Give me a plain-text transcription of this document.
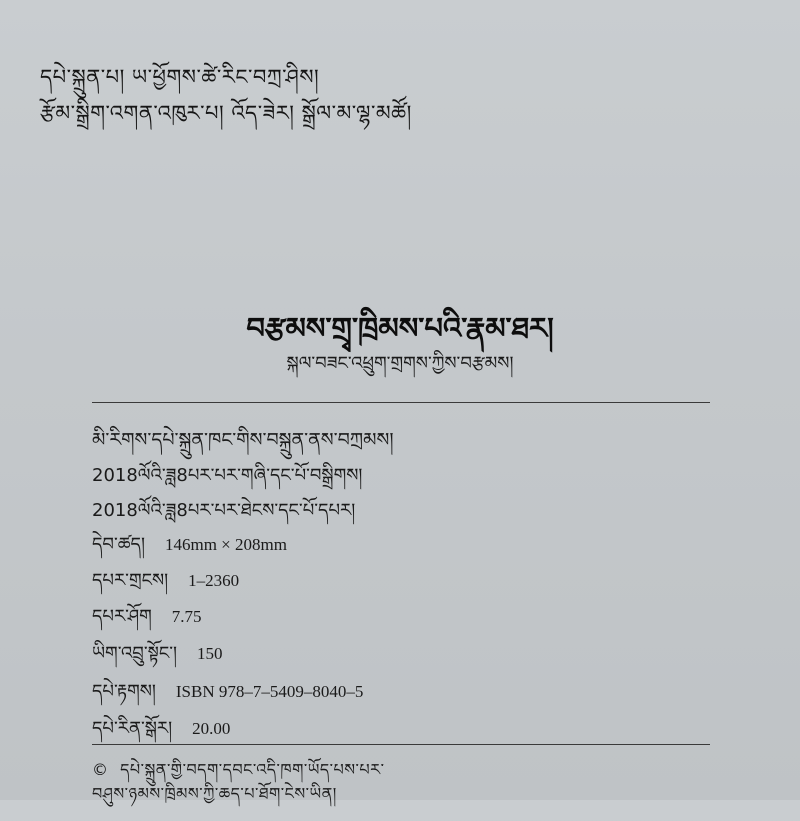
དཔེ་སྐྲུན་པ། ཡ་ཕྱོགས་ཚེ་རིང་བཀྲ་ཤིས།
རྩོམ་སྒྲིག་འགན་འཁུར་པ། འོད་ཟེར། སྒྲོལ་མ་ལྷ་མཚོ།
བརྩམས་གྲྭ་ཁྲིམས་པའི་རྣམ་ཐར།
སྐལ་བཟང་འཕྲུག་གྲགས་ཀྱིས་བརྩམས།
མི་རིགས་དཔེ་སྐྲུན་ཁང་གིས་བསྐྲུན་ནས་བཀྲམས།
2018ལོའི་ཟླ8པར་པར་གཞི་དང་པོ་བསྒྲིགས།
2018ལོའི་ཟླ8པར་པར་ཐེངས་དང་པོ་དཔར།
དེབ་ཚད། 146mm × 208mm
དཔར་གྲངས། 1–2360
དཔར་ཤོག 7.75
ཡིག་འབྲུ་སྟོང་། 150
དཔེ་རྟགས། ISBN 978–7–5409–8040–5
དཔེ་རིན་སྒོར། 20.00
© དཔེ་སྐྲུན་གྱི་བདག་དབང་འདི་ཁག་ཡོད་པས་པར་
བཤུས་ཉམས་ཁྲིམས་ཀྱི་ཆད་པ་ཐོག་ངེས་ཡིན།
